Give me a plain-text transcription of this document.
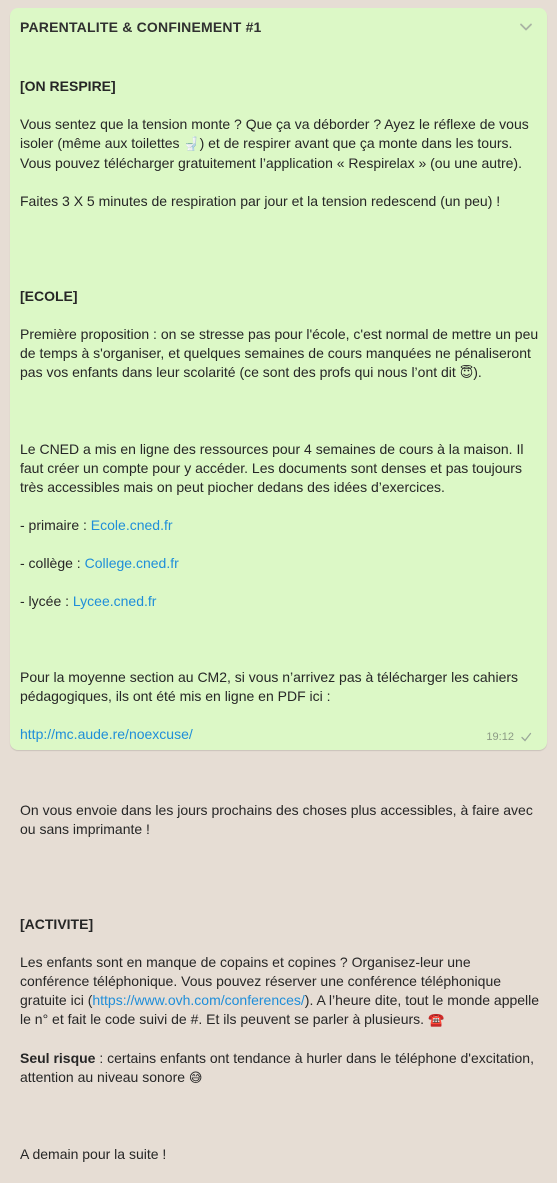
PARENTALITE & CONFINEMENT #1

[ON RESPIRE]

Vous sentez que la tension monte ? Que ça va déborder ? Ayez le réflexe de vous isoler (même aux toilettes 🚽) et de respirer avant que ça monte dans les tours. Vous pouvez télécharger gratuitement l’application « Respirelax » (ou une autre).

Faites 3 X 5 minutes de respiration par jour et la tension redescend (un peu) !

[ECOLE]

Première proposition : on se stresse pas pour l'école, c'est normal de mettre un peu de temps à s'organiser, et quelques semaines de cours manquées ne pénaliseront pas vos enfants dans leur scolarité (ce sont des profs qui nous l’ont dit 😇).

Le CNED a mis en ligne des ressources pour 4 semaines de cours à la maison. Il faut créer un compte pour y accéder. Les documents sont denses et pas toujours très accessibles mais on peut piocher dedans des idées d’exercices.

- primaire : Ecole.cned.fr

- collège : College.cned.fr

- lycée : Lycee.cned.fr

Pour la moyenne section au CM2, si vous n’arrivez pas à télécharger les cahiers pédagogiques, ils ont été mis en ligne en PDF ici :

http://mc.aude.re/noexcuse/

On vous envoie dans les jours prochains des choses plus accessibles, à faire avec ou sans imprimante !

[ACTIVITE]

Les enfants sont en manque de copains et copines ? Organisez-leur une conférence téléphonique. Vous pouvez réserver une conférence téléphonique gratuite ici (https://www.ovh.com/conferences/). A l’heure dite, tout le monde appelle le n° et fait le code suivi de #. Et ils peuvent se parler à plusieurs. ☎️

Seul risque : certains enfants ont tendance à hurler dans le téléphone d'excitation, attention au niveau sonore 😅

A demain pour la suite !

19:12
